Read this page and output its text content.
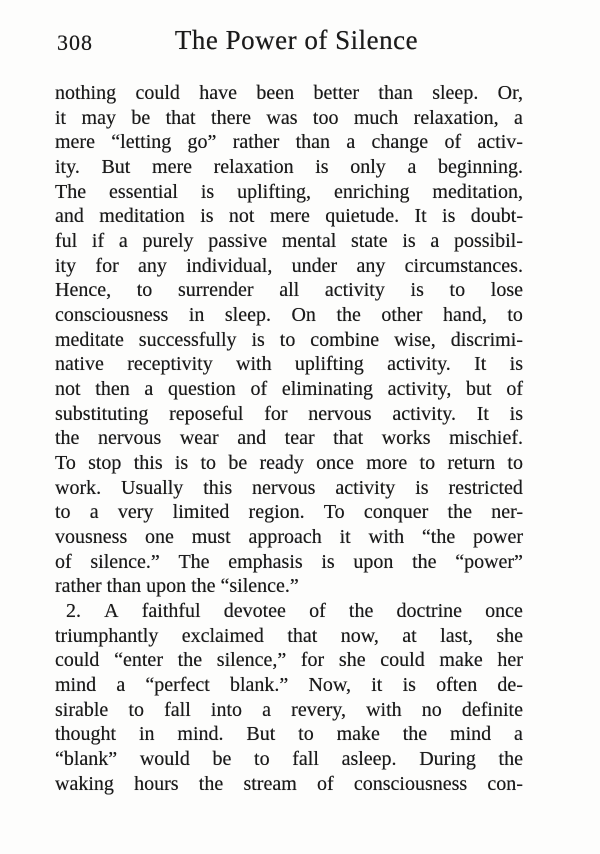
308	The Power of Silence
nothing could have been better than sleep. Or,
it may be that there was too much relaxation, a
mere “letting go” rather than a change of activ-
ity. But mere relaxation is only a beginning.
The essential is uplifting, enriching meditation,
and meditation is not mere quietude. It is doubt-
ful if a purely passive mental state is a possibil-
ity for any individual, under any circumstances.
Hence, to surrender all activity is to lose
consciousness in sleep. On the other hand, to
meditate successfully is to combine wise, discrimi-
native receptivity with uplifting activity. It is
not then a question of eliminating activity, but of
substituting reposeful for nervous activity. It is
the nervous wear and tear that works mischief.
To stop this is to be ready once more to return to
work. Usually this nervous activity is restricted
to a very limited region. To conquer the ner-
vousness one must approach it with “the power
of silence.” The emphasis is upon the “power”
rather than upon the “silence.”
2. A faithful devotee of the doctrine once
triumphantly exclaimed that now, at last, she
could “enter the silence,” for she could make her
mind a “perfect blank.” Now, it is often de-
sirable to fall into a revery, with no definite
thought in mind. But to make the mind a
“blank” would be to fall asleep. During the
waking hours the stream of consciousness con-
